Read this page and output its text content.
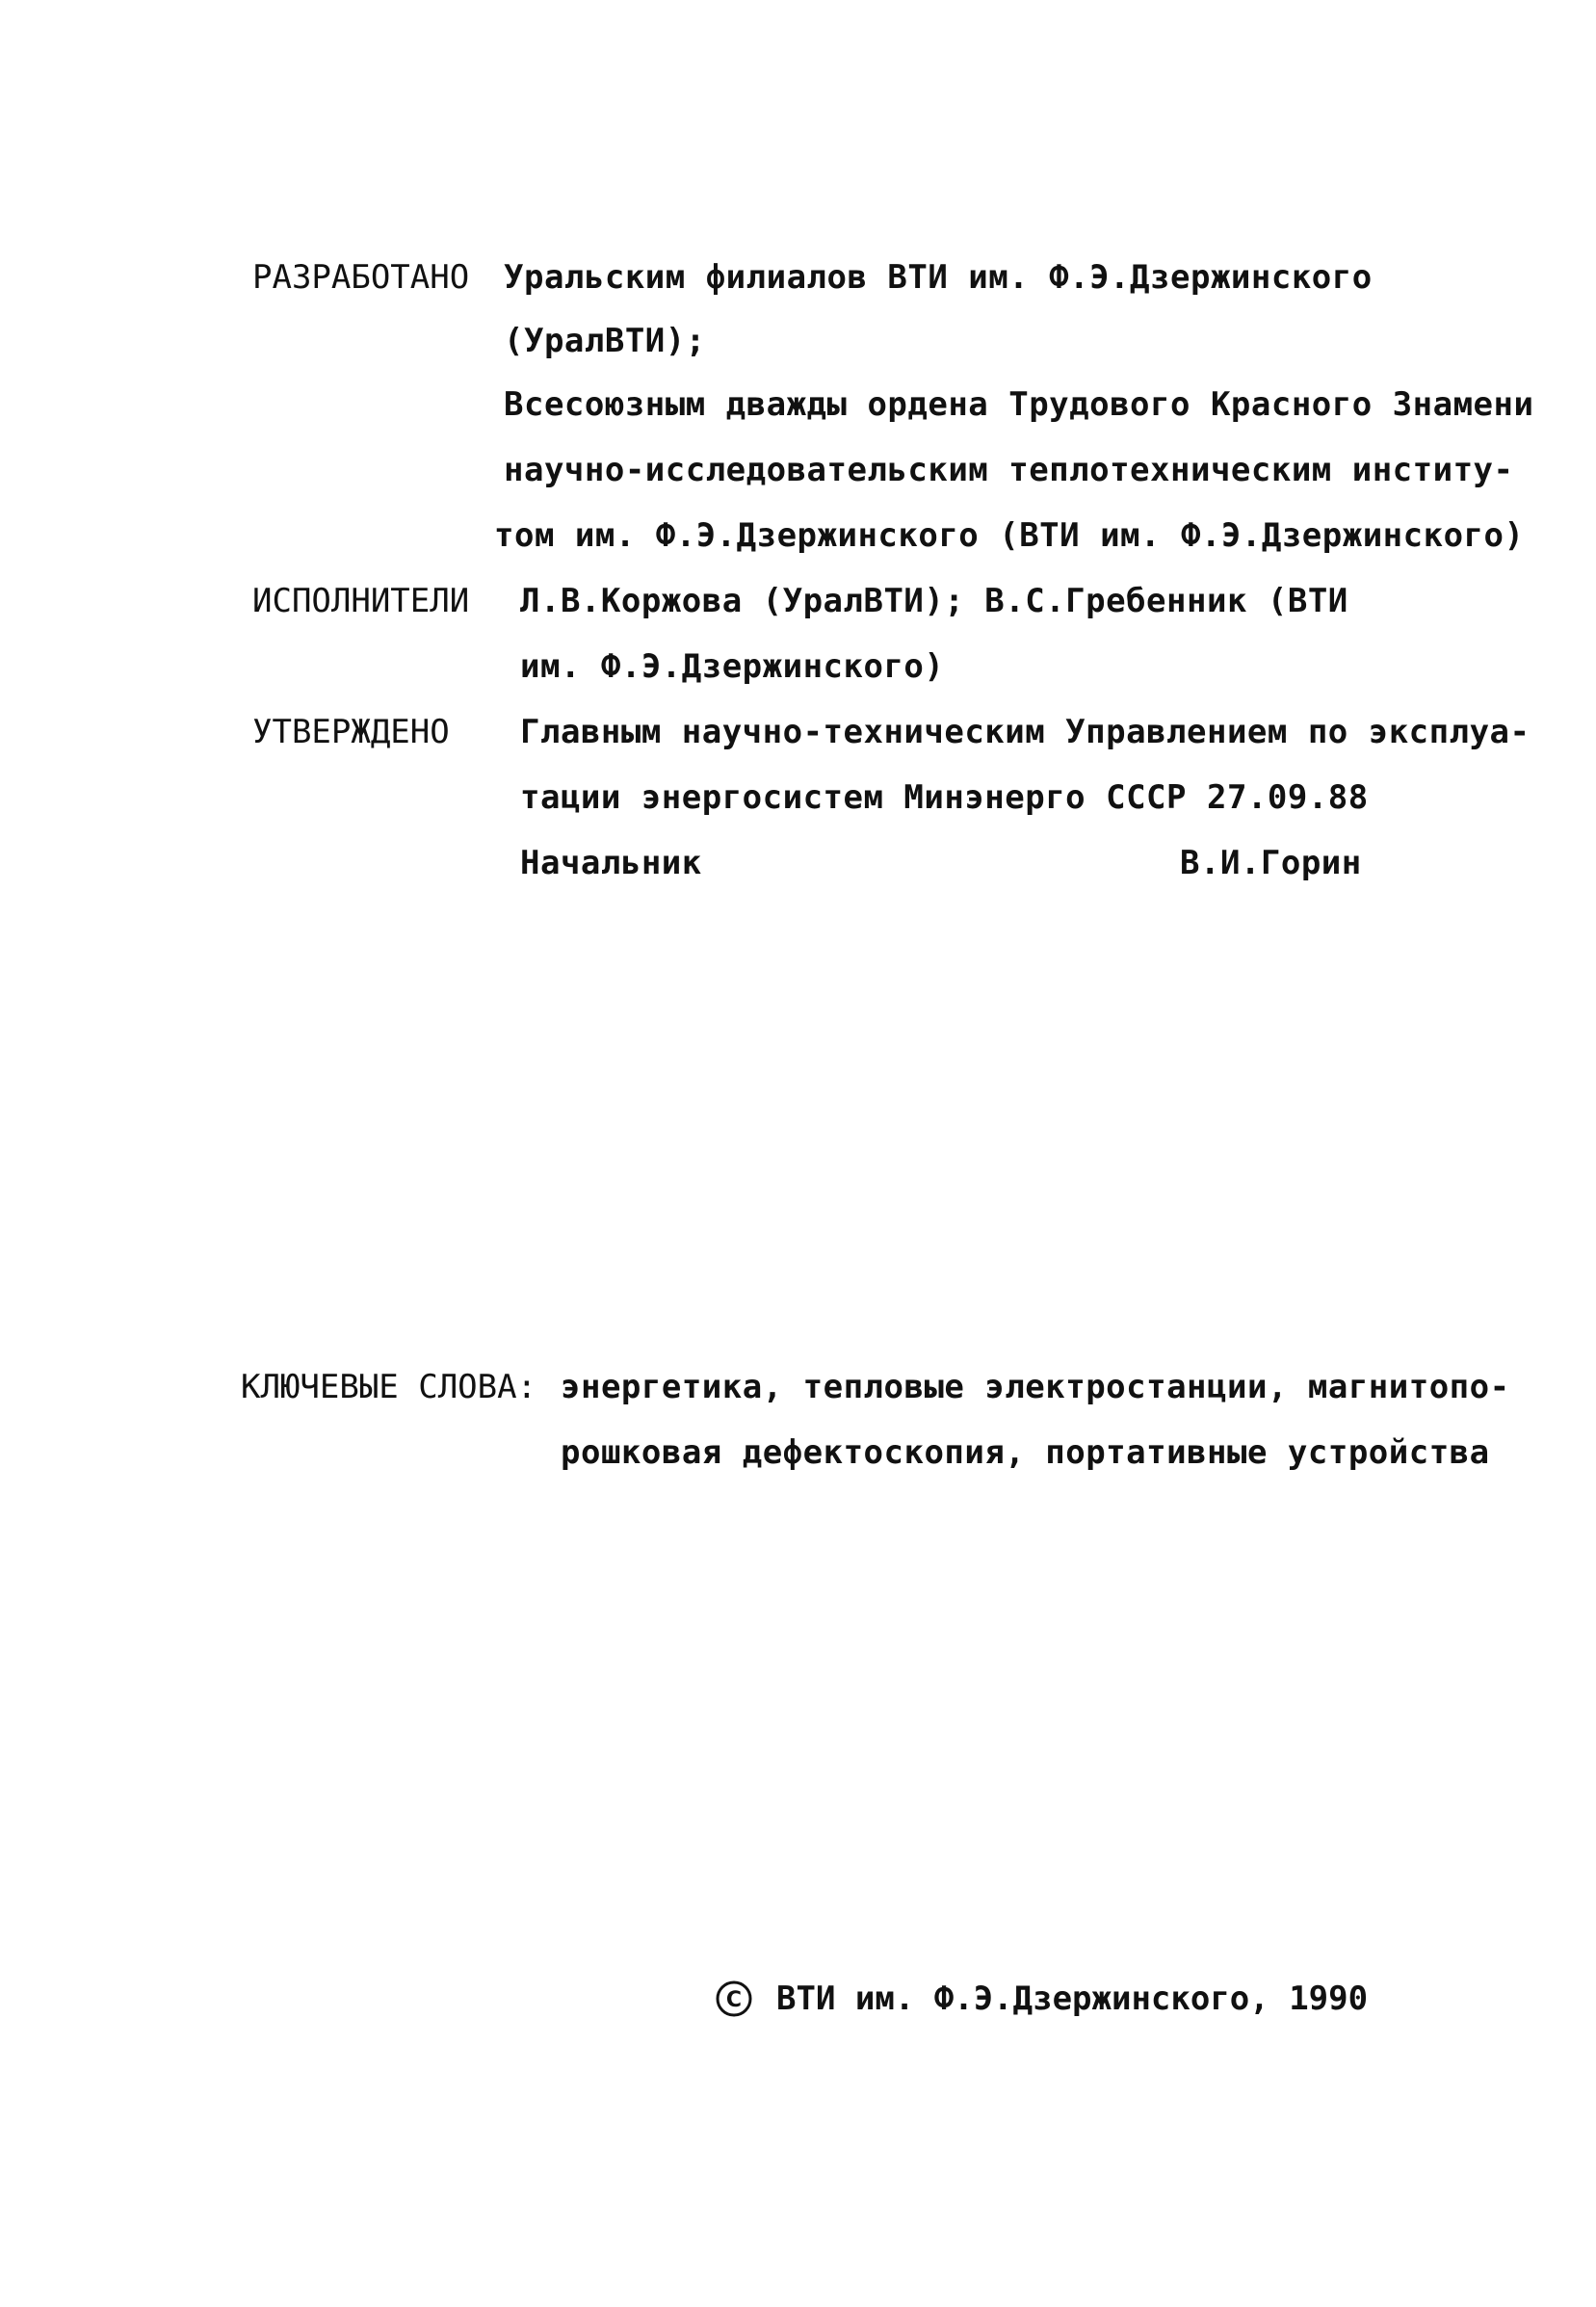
РАЗРАБОТАНО Уральским филиалов ВТИ им. Ф.Э.Дзержинского
(УралВТИ);
Всесоюзным дважды ордена Трудового Красного Знамени
научно-исследовательским теплотехническим институ-
том им. Ф.Э.Дзержинского (ВТИ им. Ф.Э.Дзержинского)
ИСПОЛНИТЕЛИ Л.В.Коржова (УралВТИ); В.С.Гребенник (ВТИ
им. Ф.Э.Дзержинского)
УТВЕРЖДЕНО Главным научно-техническим Управлением по эксплуа-
тации энергосистем Минэнерго СССР 27.09.88
Начальник	В.И.Горин
КЛЮЧЕВЫЕ СЛОВА: энергетика, тепловые электростанции, магнитопо-
рошковая дефектоскопия, портативные устройства
C ВТИ им. Ф.Э.Дзержинского, 1990
